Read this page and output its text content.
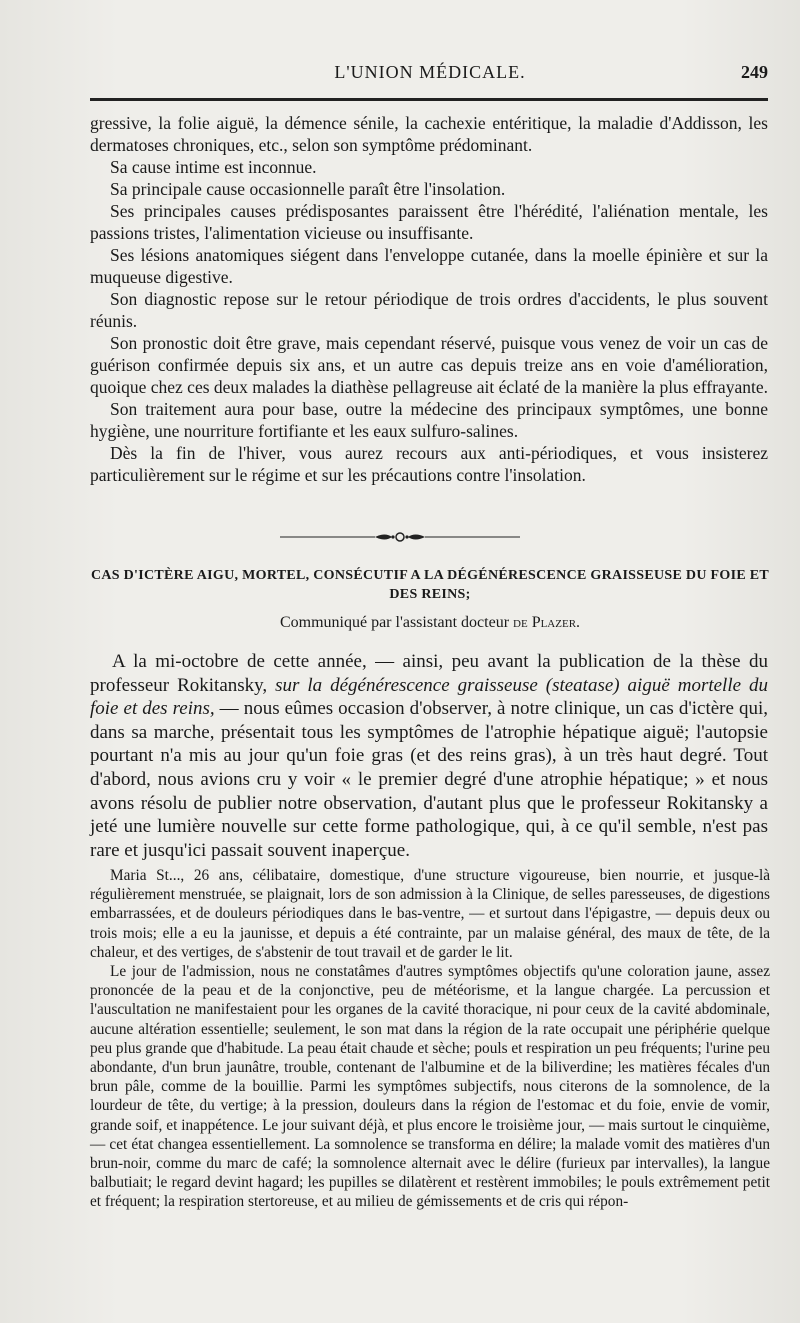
L'UNION MÉDICALE.	249

gressive, la folie aiguë, la démence sénile, la cachexie entéritique, la maladie d'Addisson, les dermatoses chroniques, etc., selon son symptôme prédominant.

Sa cause intime est inconnue.

Sa principale cause occasionnelle paraît être l'insolation.

Ses principales causes prédisposantes paraissent être l'hérédité, l'aliénation mentale, les passions tristes, l'alimentation vicieuse ou insuffisante.

Ses lésions anatomiques siégent dans l'enveloppe cutanée, dans la moelle épinière et sur la muqueuse digestive.

Son diagnostic repose sur le retour périodique de trois ordres d'accidents, le plus souvent réunis.

Son pronostic doit être grave, mais cependant réservé, puisque vous venez de voir un cas de guérison confirmée depuis six ans, et un autre cas depuis treize ans en voie d'amélioration, quoique chez ces deux malades la diathèse pellagreuse ait éclaté de la manière la plus effrayante.

Son traitement aura pour base, outre la médecine des principaux symptômes, une bonne hygiène, une nourriture fortifiante et les eaux sulfuro-salines.

Dès la fin de l'hiver, vous aurez recours aux anti-périodiques, et vous insisterez particulièrement sur le régime et sur les précautions contre l'insolation.

CAS D'ICTÈRE AIGU, MORTEL, CONSÉCUTIF A LA DÉGÉNÉRESCENCE GRAISSEUSE DU FOIE ET DES REINS;
Communiqué par l'assistant docteur de Plazer.

A la mi-octobre de cette année, — ainsi, peu avant la publication de la thèse du professeur Rokitansky, sur la dégénérescence graisseuse (steatase) aiguë mortelle du foie et des reins, — nous eûmes occasion d'observer, à notre clinique, un cas d'ictère qui, dans sa marche, présentait tous les symptômes de l'atrophie hépatique aiguë; l'autopsie pourtant n'a mis au jour qu'un foie gras (et des reins gras), à un très haut degré. Tout d'abord, nous avions cru y voir « le premier degré d'une atrophie hépatique; » et nous avons résolu de publier notre observation, d'autant plus que le professeur Rokitansky a jeté une lumière nouvelle sur cette forme pathologique, qui, à ce qu'il semble, n'est pas rare et jusqu'ici passait souvent inaperçue.

Maria St..., 26 ans, célibataire, domestique, d'une structure vigoureuse, bien nourrie, et jusque-là régulièrement menstruée, se plaignait, lors de son admission à la Clinique, de selles paresseuses, de digestions embarrassées, et de douleurs périodiques dans le bas-ventre, — et surtout dans l'épigastre, — depuis deux ou trois mois; elle a eu la jaunisse, et depuis a été contrainte, par un malaise général, des maux de tête, de la chaleur, et des vertiges, de s'abstenir de tout travail et de garder le lit.

Le jour de l'admission, nous ne constatâmes d'autres symptômes objectifs qu'une coloration jaune, assez prononcée de la peau et de la conjonctive, peu de météorisme, et la langue chargée. La percussion et l'auscultation ne manifestaient pour les organes de la cavité thoracique, ni pour ceux de la cavité abdominale, aucune altération essentielle; seulement, le son mat dans la région de la rate occupait une périphérie quelque peu plus grande que d'habitude. La peau était chaude et sèche; pouls et respiration un peu fréquents; l'urine peu abondante, d'un brun jaunâtre, trouble, contenant de l'albumine et de la biliverdine; les matières fécales d'un brun pâle, comme de la bouillie. Parmi les symptômes subjectifs, nous citerons de la somnolence, de la lourdeur de tête, du vertige; à la pression, douleurs dans la région de l'estomac et du foie, envie de vomir, grande soif, et inappétence. Le jour suivant déjà, et plus encore le troisième jour, — mais surtout le cinquième, — cet état changea essentiellement. La somnolence se transforma en délire; la malade vomit des matières d'un brun-noir, comme du marc de café; la somnolence alternait avec le délire (furieux par intervalles), la langue balbutiait; le regard devint hagard; les pupilles se dilatèrent et restèrent immobiles; le pouls extrêmement petit et fréquent; la respiration stertoreuse, et au milieu de gémissements et de cris qui répon-
